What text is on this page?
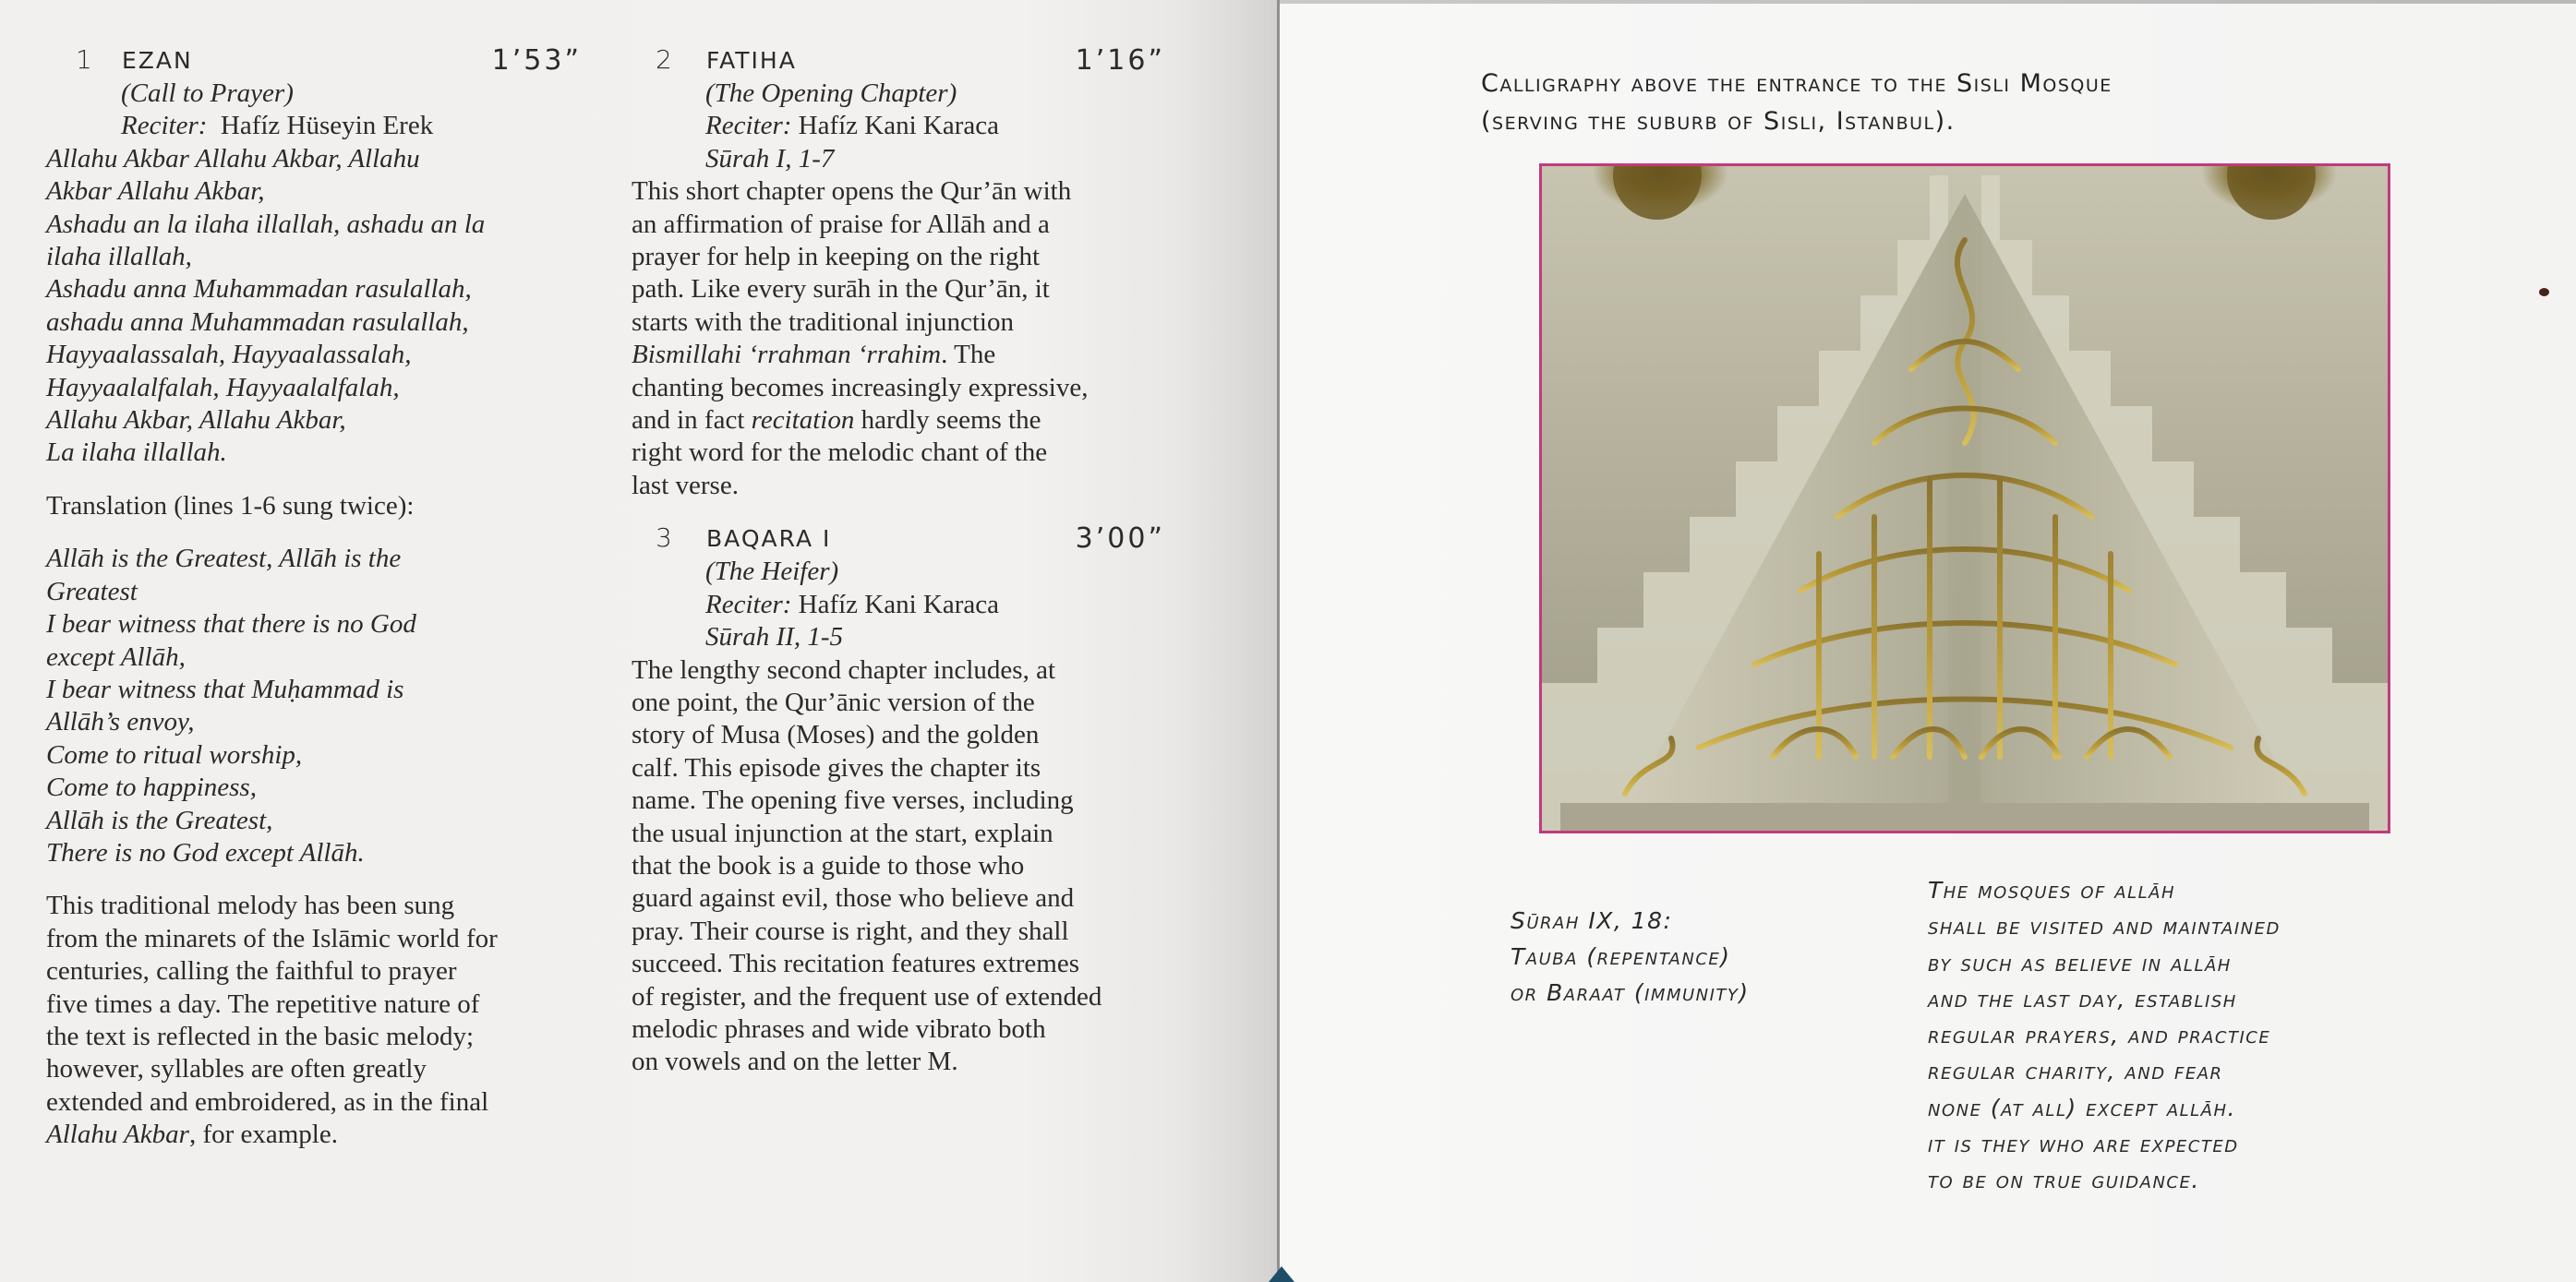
1 EZAN	1’53”
(Call to Prayer)
Reciter: Hafíz Hüseyin Erek
Allahu Akbar Allahu Akbar, Allahu
Akbar Allahu Akbar,
Ashadu an la ilaha illallah, ashadu an la
ilaha illallah,
Ashadu anna Muhammadan rasulallah,
ashadu anna Muhammadan rasulallah,
Hayyaalassalah, Hayyaalassalah,
Hayyaalalfalah, Hayyaalalfalah,
Allahu Akbar, Allahu Akbar,
La ilaha illallah.
Translation (lines 1-6 sung twice):
Allāh is the Greatest, Allāh is the
Greatest
I bear witness that there is no God
except Allāh,
I bear witness that Muḥammad is
Allāh’s envoy,
Come to ritual worship,
Come to happiness,
Allāh is the Greatest,
There is no God except Allāh.
This traditional melody has been sung
from the minarets of the Islāmic world for
centuries, calling the faithful to prayer
five times a day. The repetitive nature of
the text is reflected in the basic melody;
however, syllables are often greatly
extended and embroidered, as in the final
Allahu Akbar, for example.
2 FATIHA	1’16”
(The Opening Chapter)
Reciter: Hafíz Kani Karaca
Sūrah I, 1-7
This short chapter opens the Qur’ān with
an affirmation of praise for Allāh and a
prayer for help in keeping on the right
path. Like every surāh in the Qur’ān, it
starts with the traditional injunction
Bismillahi ‘rrahman ‘rrahim. The
chanting becomes increasingly expressive,
and in fact recitation hardly seems the
right word for the melodic chant of the
last verse.
3 BAQARA I	3’00”
(The Heifer)
Reciter: Hafíz Kani Karaca
Sūrah II, 1-5
The lengthy second chapter includes, at
one point, the Qur’ānic version of the
story of Musa (Moses) and the golden
calf. This episode gives the chapter its
name. The opening five verses, including
the usual injunction at the start, explain
that the book is a guide to those who
guard against evil, those who believe and
pray. Their course is right, and they shall
succeed. This recitation features extremes
of register, and the frequent use of extended
melodic phrases and wide vibrato both
on vowels and on the letter M.
Calligraphy above the entrance to the Sisli Mosque
(serving the suburb of Sisli, Istanbul).
Sūrah IX, 18:
Tauba (repentance)
or Baraat (immunity)
The mosques of allāh
shall be visited and maintained
by such as believe in allāh
and the last day, establish
regular prayers, and practice
regular charity, and fear
none (at all) except allāh.
it is they who are expected
to be on true guidance.
